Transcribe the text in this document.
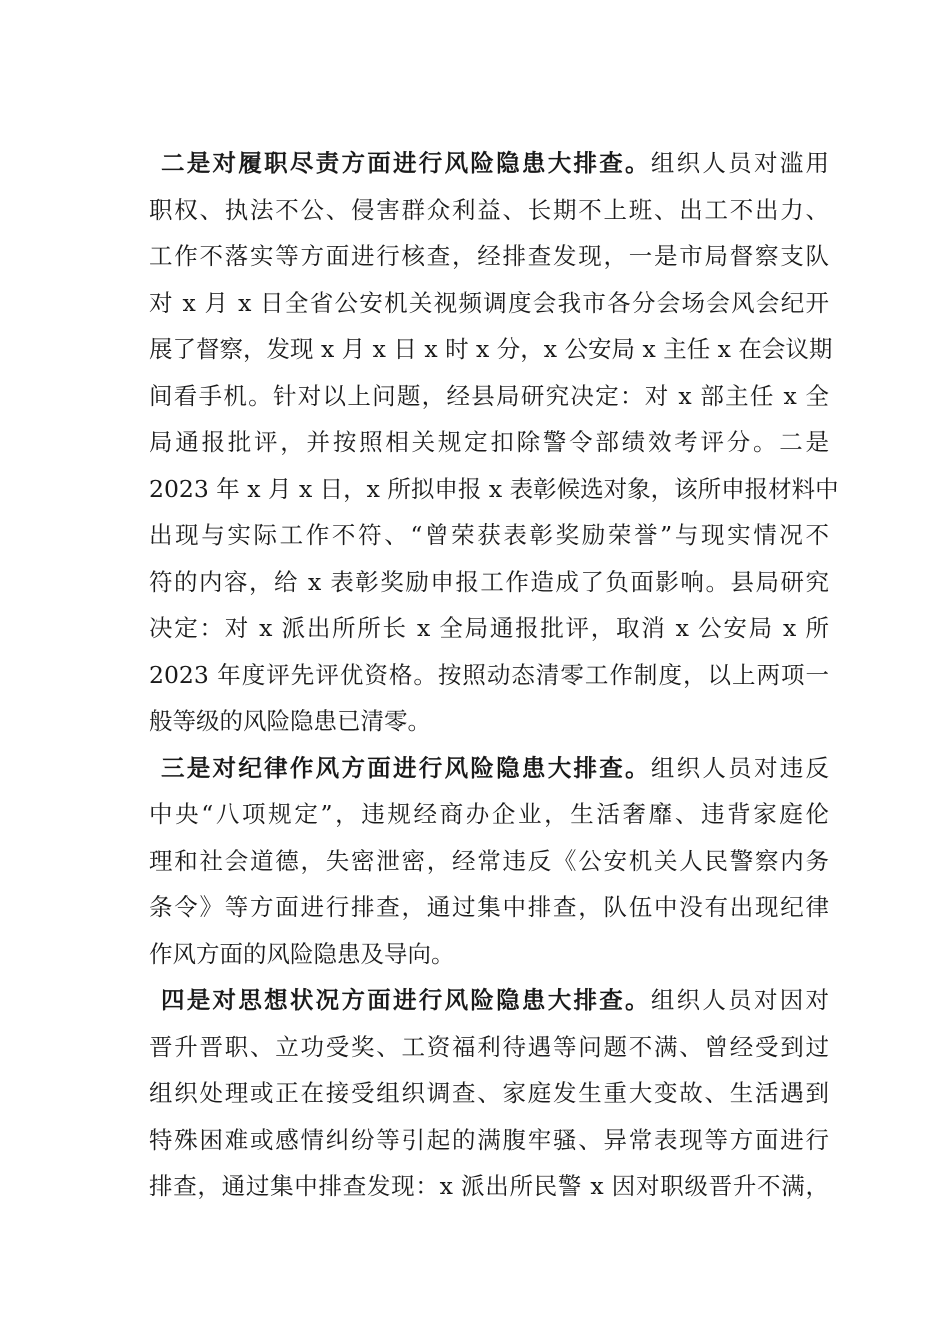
二是对履职尽责方面进行风险隐患大排查。组织人员对滥用
职权、执法不公、侵害群众利益、长期不上班、出工不出力、
工作不落实等方面进行核查，经排查发现，一是市局督察支队
对 x 月 x 日全省公安机关视频调度会我市各分会场会风会纪开
展了督察，发现 x 月 x 日 x 时 x 分，x 公安局 x 主任 x 在会议期
间看手机。针对以上问题，经县局研究决定：对 x 部主任 x 全
局通报批评，并按照相关规定扣除警令部绩效考评分。二是
2023 年 x 月 x 日，x 所拟申报 x 表彰候选对象，该所申报材料中
出现与实际工作不符、“曾荣获表彰奖励荣誉”与现实情况不
符的内容，给 x 表彰奖励申报工作造成了负面影响。县局研究
决定：对 x 派出所所长 x 全局通报批评，取消 x 公安局 x 所
2023 年度评先评优资格。按照动态清零工作制度，以上两项一
般等级的风险隐患已清零。
三是对纪律作风方面进行风险隐患大排查。组织人员对违反
中央“八项规定”，违规经商办企业，生活奢靡、违背家庭伦
理和社会道德，失密泄密，经常违反《公安机关人民警察内务
条令》等方面进行排查，通过集中排查，队伍中没有出现纪律
作风方面的风险隐患及导向。
四是对思想状况方面进行风险隐患大排查。组织人员对因对
晋升晋职、立功受奖、工资福利待遇等问题不满、曾经受到过
组织处理或正在接受组织调查、家庭发生重大变故、生活遇到
特殊困难或感情纠纷等引起的满腹牢骚、异常表现等方面进行
排查，通过集中排查发现：x 派出所民警 x 因对职级晋升不满，
